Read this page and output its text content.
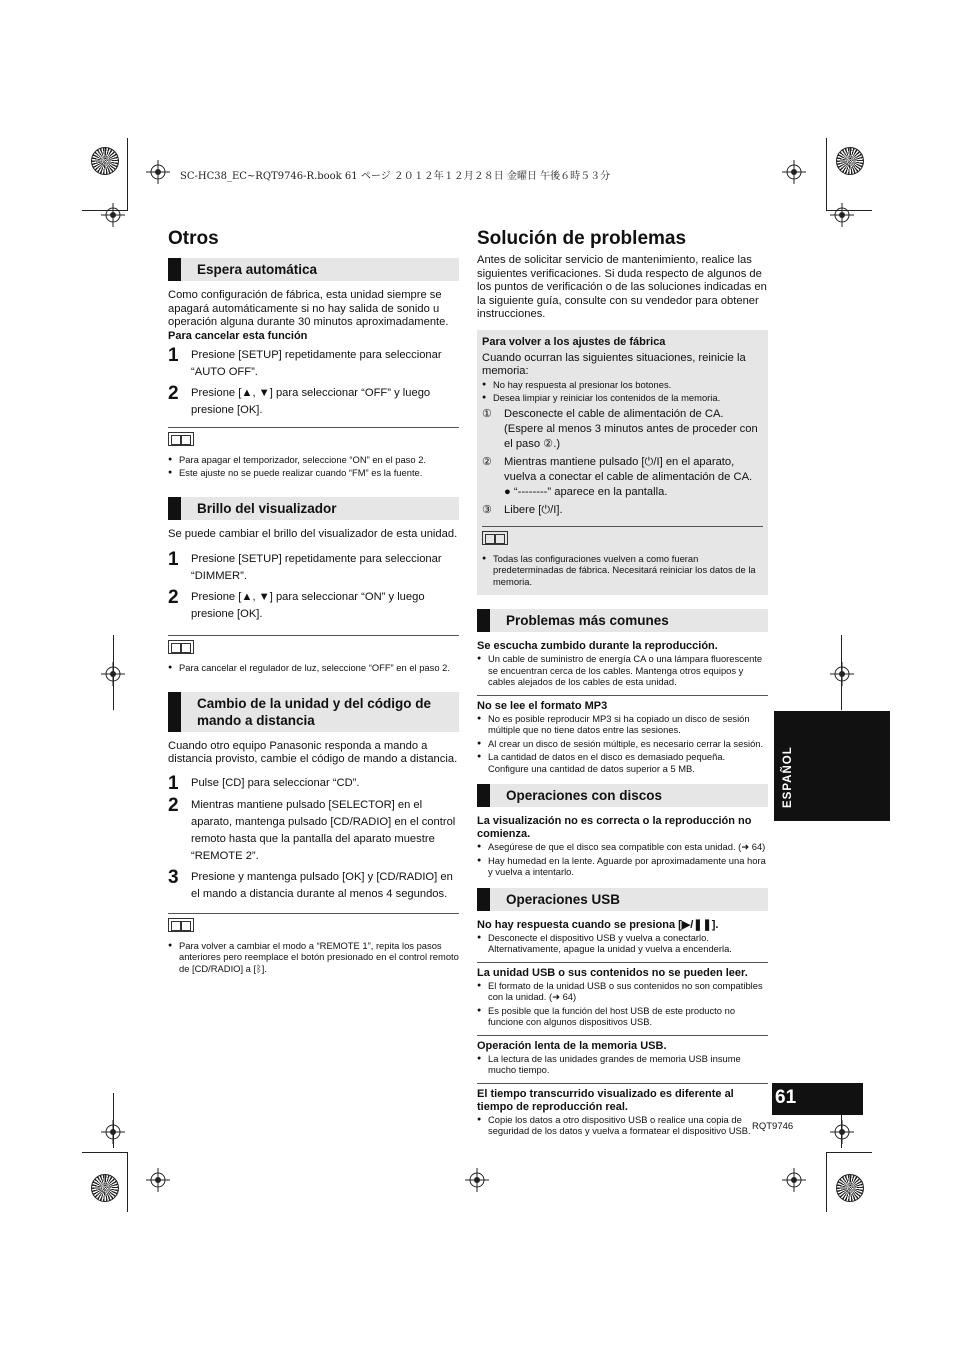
SC-HC38_EC~RQT9746-R.book 61 ページ ２０１２年１２月２８日 金曜日 午後６時５３分
Otros
Espera automática

Como configuración de fábrica, esta unidad siempre se apagará automáticamente si no hay salida de sonido u operación alguna durante 30 minutos aproximadamente.

Para cancelar esta función

1	Presione [SETUP] repetidamente para seleccionar “AUTO OFF”.
2	Presione [▲, ▼] para seleccionar “OFF” y luego presione [OK].
● Para apagar el temporizador, seleccione “ON” en el paso 2.
● Este ajuste no se puede realizar cuando “FM” es la fuente.
Brillo del visualizador

Se puede cambiar el brillo del visualizador de esta unidad.

1	Presione [SETUP] repetidamente para seleccionar “DIMMER”.
2	Presione [▲, ▼] para seleccionar “ON” y luego presione [OK].
● Para cancelar el regulador de luz, seleccione “OFF” en el paso 2.
Cambio de la unidad y del código de mando a distancia

Cuando otro equipo Panasonic responda a mando a distancia provisto, cambie el código de mando a distancia.

1	Pulse [CD] para seleccionar “CD”.
2	Mientras mantiene pulsado [SELECTOR] en el aparato, mantenga pulsado [CD/RADIO] en el control remoto hasta que la pantalla del aparato muestre “REMOTE 2”.
3	Presione y mantenga pulsado [OK] y [CD/RADIO] en el mando a distancia durante al menos 4 segundos.
● Para volver a cambiar el modo a “REMOTE 1”, repita los pasos anteriores pero reemplace el botón presionado en el control remoto de [CD/RADIO] a [ᛒ].
Solución de problemas

Antes de solicitar servicio de mantenimiento, realice las siguientes verificaciones. Si duda respecto de algunos de los puntos de verificación o de las soluciones indicadas en la siguiente guía, consulte con su vendedor para obtener instrucciones.

Para volver a los ajustes de fábrica

Cuando ocurran las siguientes situaciones, reinicie la memoria:

● No hay respuesta al presionar los botones.
● Desea limpiar y reiniciar los contenidos de la memoria.
①	Desconecte el cable de alimentación de CA. (Espere al menos 3 minutos antes de proceder con el paso ②.)
②	Mientras mantiene pulsado [⏻/I] en el aparato, vuelva a conectar el cable de alimentación de CA.
● “--------” aparece en la pantalla.
③	Libere [⏻/I].
● Todas las configuraciones vuelven a como fueran predeterminadas de fábrica. Necesitará reiniciar los datos de la memoria.
Problemas más comunes

Se escucha zumbido durante la reproducción.

● Un cable de suministro de energía CA o una lámpara fluorescente se encuentran cerca de los cables. Mantenga otros equipos y cables alejados de los cables de esta unidad.

No se lee el formato MP3

● No es posible reproducir MP3 si ha copiado un disco de sesión múltiple que no tiene datos entre las sesiones.
● Al crear un disco de sesión múltiple, es necesario cerrar la sesión.
● La cantidad de datos en el disco es demasiado pequeña. Configure una cantidad de datos superior a 5 MB.
Operaciones con discos

La visualización no es correcta o la reproducción no comienza.

● Asegúrese de que el disco sea compatible con esta unidad. (➜ 64)
● Hay humedad en la lente. Aguarde por aproximadamente una hora y vuelva a intentarlo.
Operaciones USB

No hay respuesta cuando se presiona [▶/❚❚].

● Desconecte el dispositivo USB y vuelva a conectarlo. Alternativamente, apague la unidad y vuelva a encenderla.

La unidad USB o sus contenidos no se pueden leer.

● El formato de la unidad USB o sus contenidos no son compatibles con la unidad. (➜ 64)
● Es posible que la función del host USB de este producto no funcione con algunos dispositivos USB.

Operación lenta de la memoria USB.

● La lectura de las unidades grandes de memoria USB insume mucho tiempo.

El tiempo transcurrido visualizado es diferente al tiempo de reproducción real.

● Copie los datos a otro dispositivo USB o realice una copia de seguridad de los datos y vuelva a formatear el dispositivo USB.
ESPAÑOL
61
RQT9746
